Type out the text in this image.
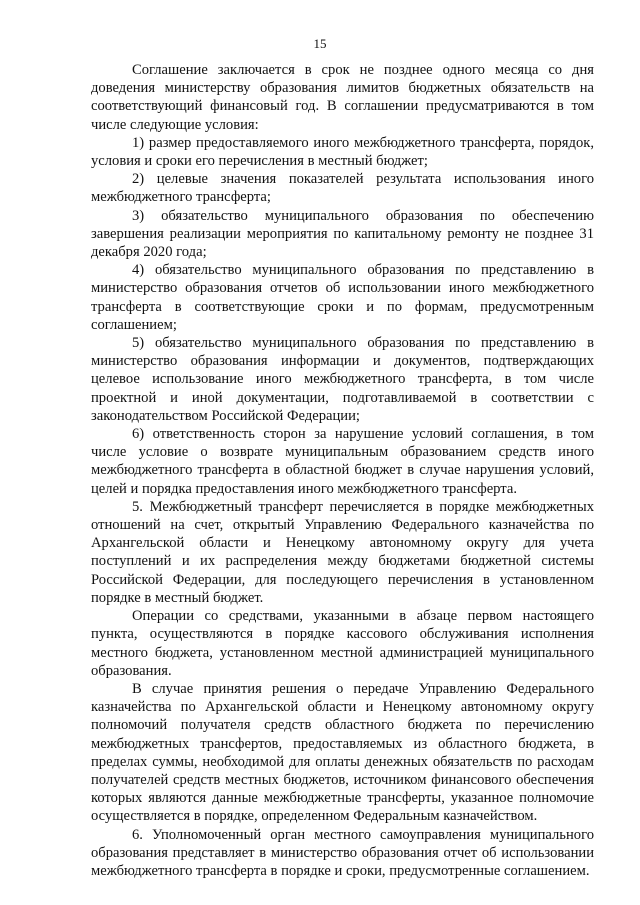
15

Соглашение заключается в срок не позднее одного месяца со дня доведения министерству образования лимитов бюджетных обязательств на соответствующий финансовый год. В соглашении предусматриваются в том числе следующие условия:

1) размер предоставляемого иного межбюджетного трансферта, порядок, условия и сроки его перечисления в местный бюджет;

2) целевые значения показателей результата использования иного межбюджетного трансферта;

3) обязательство муниципального образования по обеспечению завершения реализации мероприятия по капитальному ремонту не позднее 31 декабря 2020 года;

4) обязательство муниципального образования по представлению в министерство образования отчетов об использовании иного межбюджетного трансферта в соответствующие сроки и по формам, предусмотренным соглашением;

5) обязательство муниципального образования по представлению в министерство образования информации и документов, подтверждающих целевое использование иного межбюджетного трансферта, в том числе проектной и иной документации, подготавливаемой в соответствии с законодательством Российской Федерации;

6) ответственность сторон за нарушение условий соглашения, в том числе условие о возврате муниципальным образованием средств иного межбюджетного трансферта в областной бюджет в случае нарушения условий, целей и порядка предоставления иного межбюджетного трансферта.

5. Межбюджетный трансферт перечисляется в порядке межбюджетных отношений на счет, открытый Управлению Федерального казначейства по Архангельской области и Ненецкому автономному округу для учета поступлений и их распределения между бюджетами бюджетной системы Российской Федерации, для последующего перечисления в установленном порядке в местный бюджет.

Операции со средствами, указанными в абзаце первом настоящего пункта, осуществляются в порядке кассового обслуживания исполнения местного бюджета, установленном местной администрацией муниципального образования.

В случае принятия решения о передаче Управлению Федерального казначейства по Архангельской области и Ненецкому автономному округу полномочий получателя средств областного бюджета по перечислению межбюджетных трансфертов, предоставляемых из областного бюджета, в пределах суммы, необходимой для оплаты денежных обязательств по расходам получателей средств местных бюджетов, источником финансового обеспечения которых являются данные межбюджетные трансферты, указанное полномочие осуществляется в порядке, определенном Федеральным казначейством.

6. Уполномоченный орган местного самоуправления муниципального образования представляет в министерство образования отчет об использовании межбюджетного трансферта в порядке и сроки, предусмотренные соглашением.
